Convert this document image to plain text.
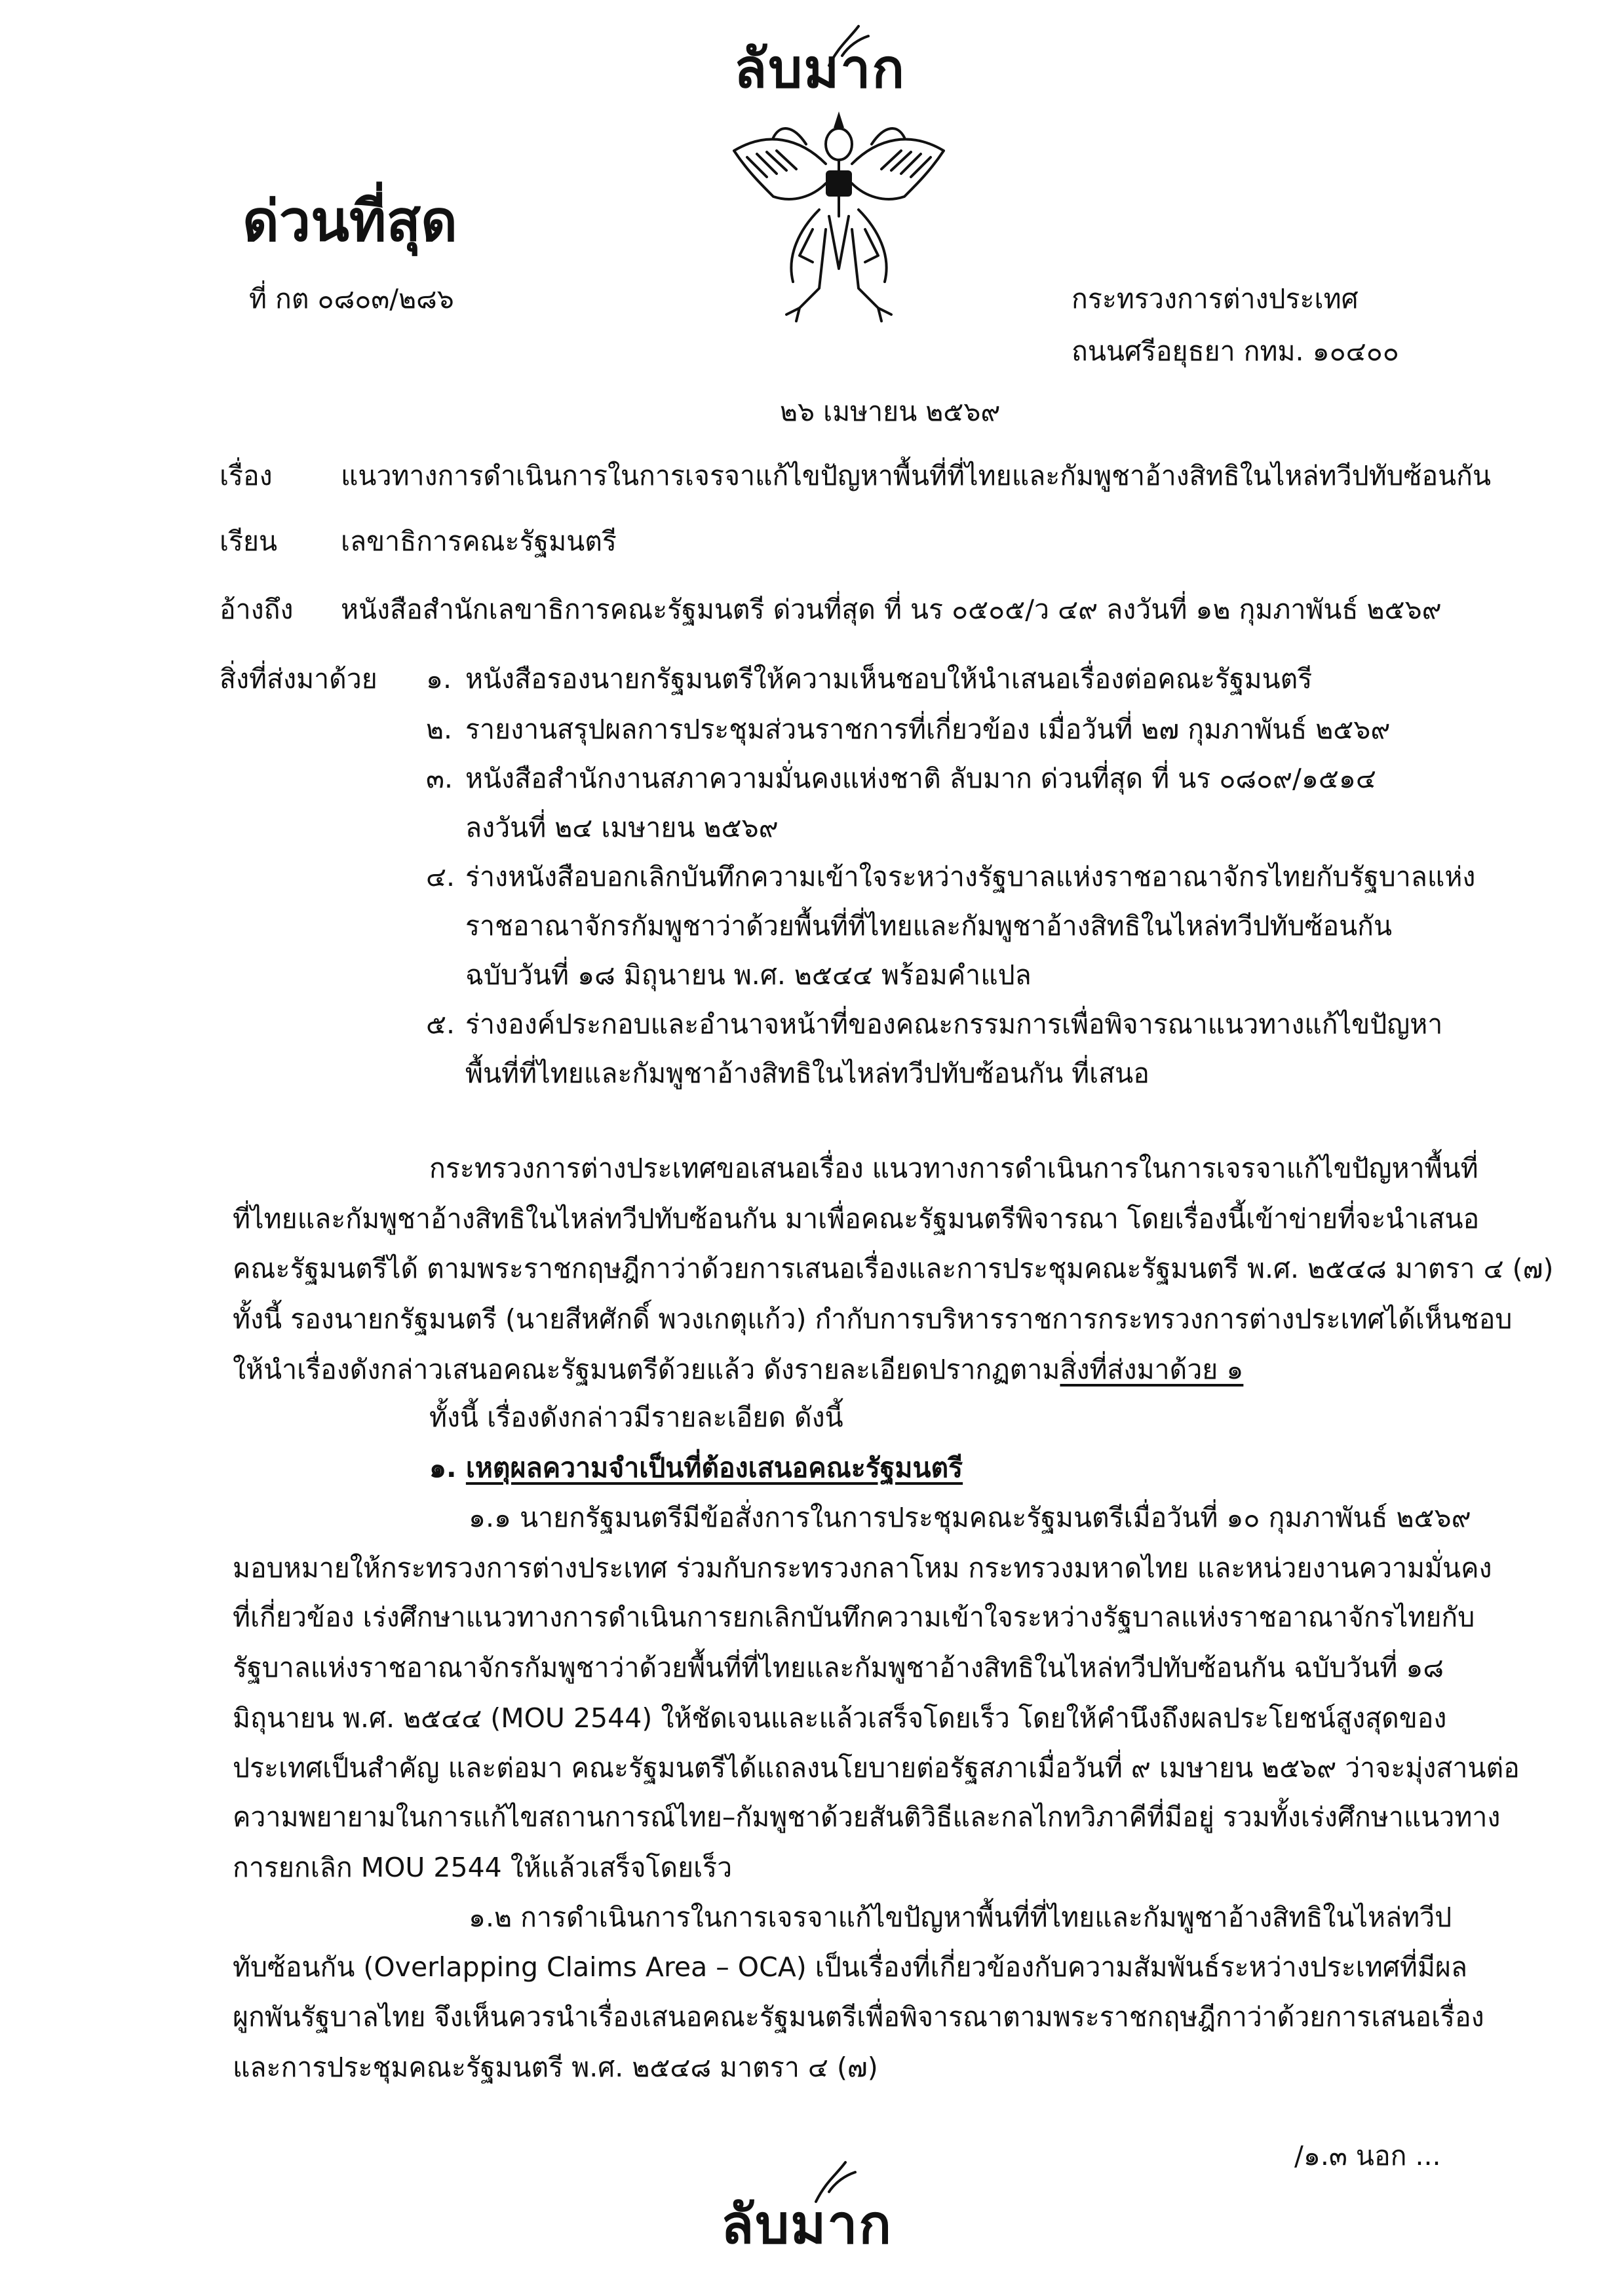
ลับมาก
ด่วนที่สุด
ที่ กต ๐๘๐๓/๒๘๖	กระทรวงการต่างประเทศ
ถนนศรีอยุธยา กทม. ๑๐๔๐๐
๒๖ เมษายน ๒๕๖๙
เรื่อง	แนวทางการดำเนินการในการเจรจาแก้ไขปัญหาพื้นที่ที่ไทยและกัมพูชาอ้างสิทธิในไหล่ทวีปทับซ้อนกัน
เรียน เลขาธิการคณะรัฐมนตรี
อ้างถึง หนังสือสำนักเลขาธิการคณะรัฐมนตรี ด่วนที่สุด ที่ นร ๐๕๐๕/ว ๔๙ ลงวันที่ ๑๒ กุมภาพันธ์ ๒๕๖๙
สิ่งที่ส่งมาด้วย ๑. หนังสือรองนายกรัฐมนตรีให้ความเห็นชอบให้นำเสนอเรื่องต่อคณะรัฐมนตรี
๒. รายงานสรุปผลการประชุมส่วนราชการที่เกี่ยวข้อง เมื่อวันที่ ๒๗ กุมภาพันธ์ ๒๕๖๙
๓. หนังสือสำนักงานสภาความมั่นคงแห่งชาติ ลับมาก ด่วนที่สุด ที่ นร ๐๘๐๙/๑๕๑๔
ลงวันที่ ๒๔ เมษายน ๒๕๖๙
๔. ร่างหนังสือบอกเลิกบันทึกความเข้าใจระหว่างรัฐบาลแห่งราชอาณาจักรไทยกับรัฐบาลแห่ง
ราชอาณาจักรกัมพูชาว่าด้วยพื้นที่ที่ไทยและกัมพูชาอ้างสิทธิในไหล่ทวีปทับซ้อนกัน
ฉบับวันที่ ๑๘ มิถุนายน พ.ศ. ๒๕๔๔ พร้อมคำแปล
๕. ร่างองค์ประกอบและอำนาจหน้าที่ของคณะกรรมการเพื่อพิจารณาแนวทางแก้ไขปัญหา
พื้นที่ที่ไทยและกัมพูชาอ้างสิทธิในไหล่ทวีปทับซ้อนกัน ที่เสนอ
กระทรวงการต่างประเทศขอเสนอเรื่อง แนวทางการดำเนินการในการเจรจาแก้ไขปัญหาพื้นที่
ที่ไทยและกัมพูชาอ้างสิทธิในไหล่ทวีปทับซ้อนกัน มาเพื่อคณะรัฐมนตรีพิจารณา โดยเรื่องนี้เข้าข่ายที่จะนำเสนอ
คณะรัฐมนตรีได้ ตามพระราชกฤษฎีกาว่าด้วยการเสนอเรื่องและการประชุมคณะรัฐมนตรี พ.ศ. ๒๕๔๘ มาตรา ๔ (๗)
ทั้งนี้ รองนายกรัฐมนตรี (นายสีหศักดิ์ พวงเกตุแก้ว) กำกับการบริหารราชการกระทรวงการต่างประเทศได้เห็นชอบ
ให้นำเรื่องดังกล่าวเสนอคณะรัฐมนตรีด้วยแล้ว ดังรายละเอียดปรากฏตามสิ่งที่ส่งมาด้วย ๑
ทั้งนี้ เรื่องดังกล่าวมีรายละเอียด ดังนี้
๑. เหตุผลความจำเป็นที่ต้องเสนอคณะรัฐมนตรี
๑.๑ นายกรัฐมนตรีมีข้อสั่งการในการประชุมคณะรัฐมนตรีเมื่อวันที่ ๑๐ กุมภาพันธ์ ๒๕๖๙
มอบหมายให้กระทรวงการต่างประเทศ ร่วมกับกระทรวงกลาโหม กระทรวงมหาดไทย และหน่วยงานความมั่นคง
ที่เกี่ยวข้อง เร่งศึกษาแนวทางการดำเนินการยกเลิกบันทึกความเข้าใจระหว่างรัฐบาลแห่งราชอาณาจักรไทยกับ
รัฐบาลแห่งราชอาณาจักรกัมพูชาว่าด้วยพื้นที่ที่ไทยและกัมพูชาอ้างสิทธิในไหล่ทวีปทับซ้อนกัน ฉบับวันที่ ๑๘
มิถุนายน พ.ศ. ๒๕๔๔ (MOU 2544) ให้ชัดเจนและแล้วเสร็จโดยเร็ว โดยให้คำนึงถึงผลประโยชน์สูงสุดของ
ประเทศเป็นสำคัญ และต่อมา คณะรัฐมนตรีได้แถลงนโยบายต่อรัฐสภาเมื่อวันที่ ๙ เมษายน ๒๕๖๙ ว่าจะมุ่งสานต่อ
ความพยายามในการแก้ไขสถานการณ์ไทย–กัมพูชาด้วยสันติวิธีและกลไกทวิภาคีที่มีอยู่ รวมทั้งเร่งศึกษาแนวทาง
การยกเลิก MOU 2544 ให้แล้วเสร็จโดยเร็ว
๑.๒ การดำเนินการในการเจรจาแก้ไขปัญหาพื้นที่ที่ไทยและกัมพูชาอ้างสิทธิในไหล่ทวีป
ทับซ้อนกัน (Overlapping Claims Area – OCA) เป็นเรื่องที่เกี่ยวข้องกับความสัมพันธ์ระหว่างประเทศที่มีผล
ผูกพันรัฐบาลไทย จึงเห็นควรนำเรื่องเสนอคณะรัฐมนตรีเพื่อพิจารณาตามพระราชกฤษฎีกาว่าด้วยการเสนอเรื่อง
และการประชุมคณะรัฐมนตรี พ.ศ. ๒๕๔๘ มาตรา ๔ (๗)
/๑.๓ นอก ...
ลับมาก
